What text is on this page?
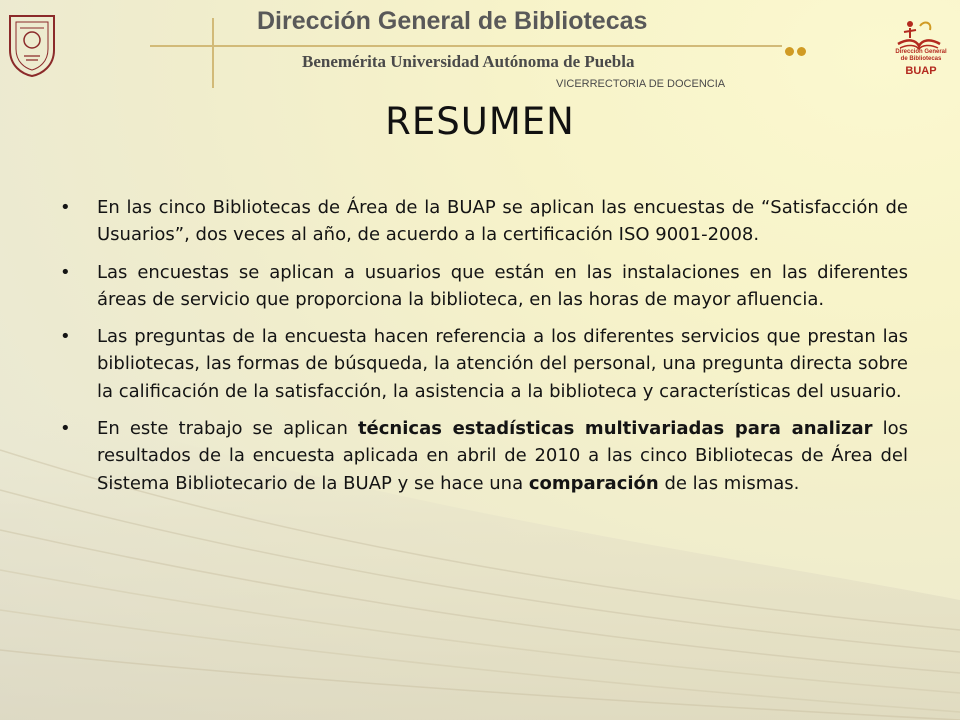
Dirección General de Bibliotecas
Benemérita Universidad Autónoma de Puebla
VICERRECTORIA DE DOCENCIA
Dirección General
de Bibliotecas
BUAP
RESUMEN
• En las cinco Bibliotecas de Área de la BUAP se aplican las encuestas de “Satisfacción de Usuarios”, dos veces al año, de acuerdo a la certificación ISO 9001-2008.
• Las encuestas se aplican a usuarios que están en las instalaciones en las diferentes áreas de servicio que proporciona la biblioteca, en las horas de mayor afluencia.
• Las preguntas de la encuesta hacen referencia a los diferentes servicios que prestan las bibliotecas, las formas de búsqueda, la atención del personal, una pregunta directa sobre la calificación de la satisfacción, la asistencia a la biblioteca y características del usuario.
• En este trabajo se aplican técnicas estadísticas multivariadas para analizar los resultados de la encuesta aplicada en abril de 2010 a las cinco Bibliotecas de Área del Sistema Bibliotecario de la BUAP y se hace una comparación de las mismas.
